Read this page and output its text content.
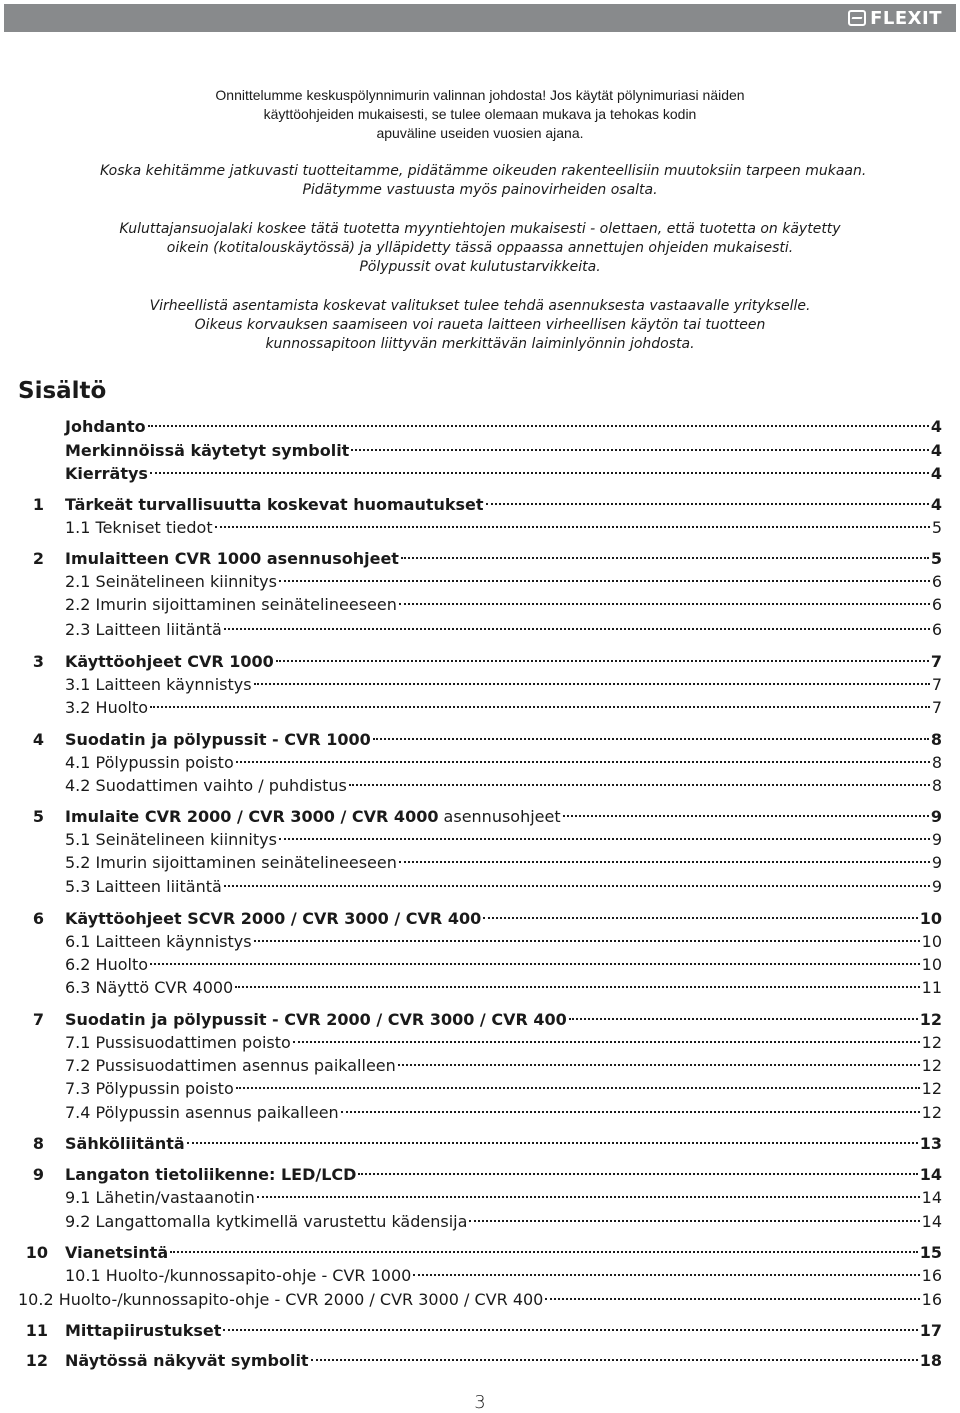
FLEXIT
Onnittelumme keskuspölynnimurin valinnan johdosta! Jos käytät pölynimuriasi näiden
käyttöohjeiden mukaisesti, se tulee olemaan mukava ja tehokas kodin
apuväline useiden vuosien ajana.
Koska kehitämme jatkuvasti tuotteitamme, pidätämme oikeuden rakenteellisiin muutoksiin tarpeen mukaan.
Pidätymme vastuusta myös painovirheiden osalta.
Kuluttajansuojalaki koskee tätä tuotetta myyntiehtojen mukaisesti - olettaen, että tuotetta on käytetty
oikein (kotitalouskäytössä) ja ylläpidetty tässä oppaassa annettujen ohjeiden mukaisesti.
Pölypussit ovat kulutustarvikkeita.
Virheellistä asentamista koskevat valitukset tulee tehdä asennuksesta vastaavalle yritykselle.
Oikeus korvauksen saamiseen voi raueta laitteen virheellisen käytön tai tuotteen
kunnossapitoon liittyvän merkittävän laiminlyönnin johdosta.
Sisältö
Johdanto	4
Merkinnöissä käytetyt symbolit	4
Kierrätys	4
1 Tärkeät turvallisuutta koskevat huomautukset	4
1.1 Tekniset tiedot	5
2 Imulaitteen CVR 1000 asennusohjeet	5
2.1 Seinätelineen kiinnitys	6
2.2 Imurin sijoittaminen seinätelineeseen	6
2.3 Laitteen liitäntä	6
3 Käyttöohjeet CVR 1000	7
3.1 Laitteen käynnistys	7
3.2 Huolto	7
4 Suodatin ja pölypussit - CVR 1000	8
4.1 Pölypussin poisto	8
4.2 Suodattimen vaihto / puhdistus	8
5 Imulaite CVR 2000 / CVR 3000 / CVR 4000 asennusohjeet	9
5.1 Seinätelineen kiinnitys	9
5.2 Imurin sijoittaminen seinätelineeseen	9
5.3 Laitteen liitäntä	9
6 Käyttöohjeet SCVR 2000 / CVR 3000 / CVR 400	10
6.1 Laitteen käynnistys	10
6.2 Huolto	10
6.3 Näyttö CVR 4000	11
7 Suodatin ja pölypussit - CVR 2000 / CVR 3000 / CVR 400	12
7.1 Pussisuodattimen poisto	12
7.2 Pussisuodattimen asennus paikalleen	12
7.3 Pölypussin poisto	12
7.4 Pölypussin asennus paikalleen	12
8 Sähköliitäntä	13
9 Langaton tietoliikenne: LED/LCD	14
9.1 Lähetin/vastaanotin	14
9.2 Langattomalla kytkimellä varustettu kädensija	14
10 Vianetsintä	15
10.1 Huolto-/kunnossapito-ohje - CVR 1000	16
10.2 Huolto-/kunnossapito-ohje - CVR 2000 / CVR 3000 / CVR 400	16
11 Mittapiirustukset	17
12 Näytössä näkyvät symbolit	18
3
